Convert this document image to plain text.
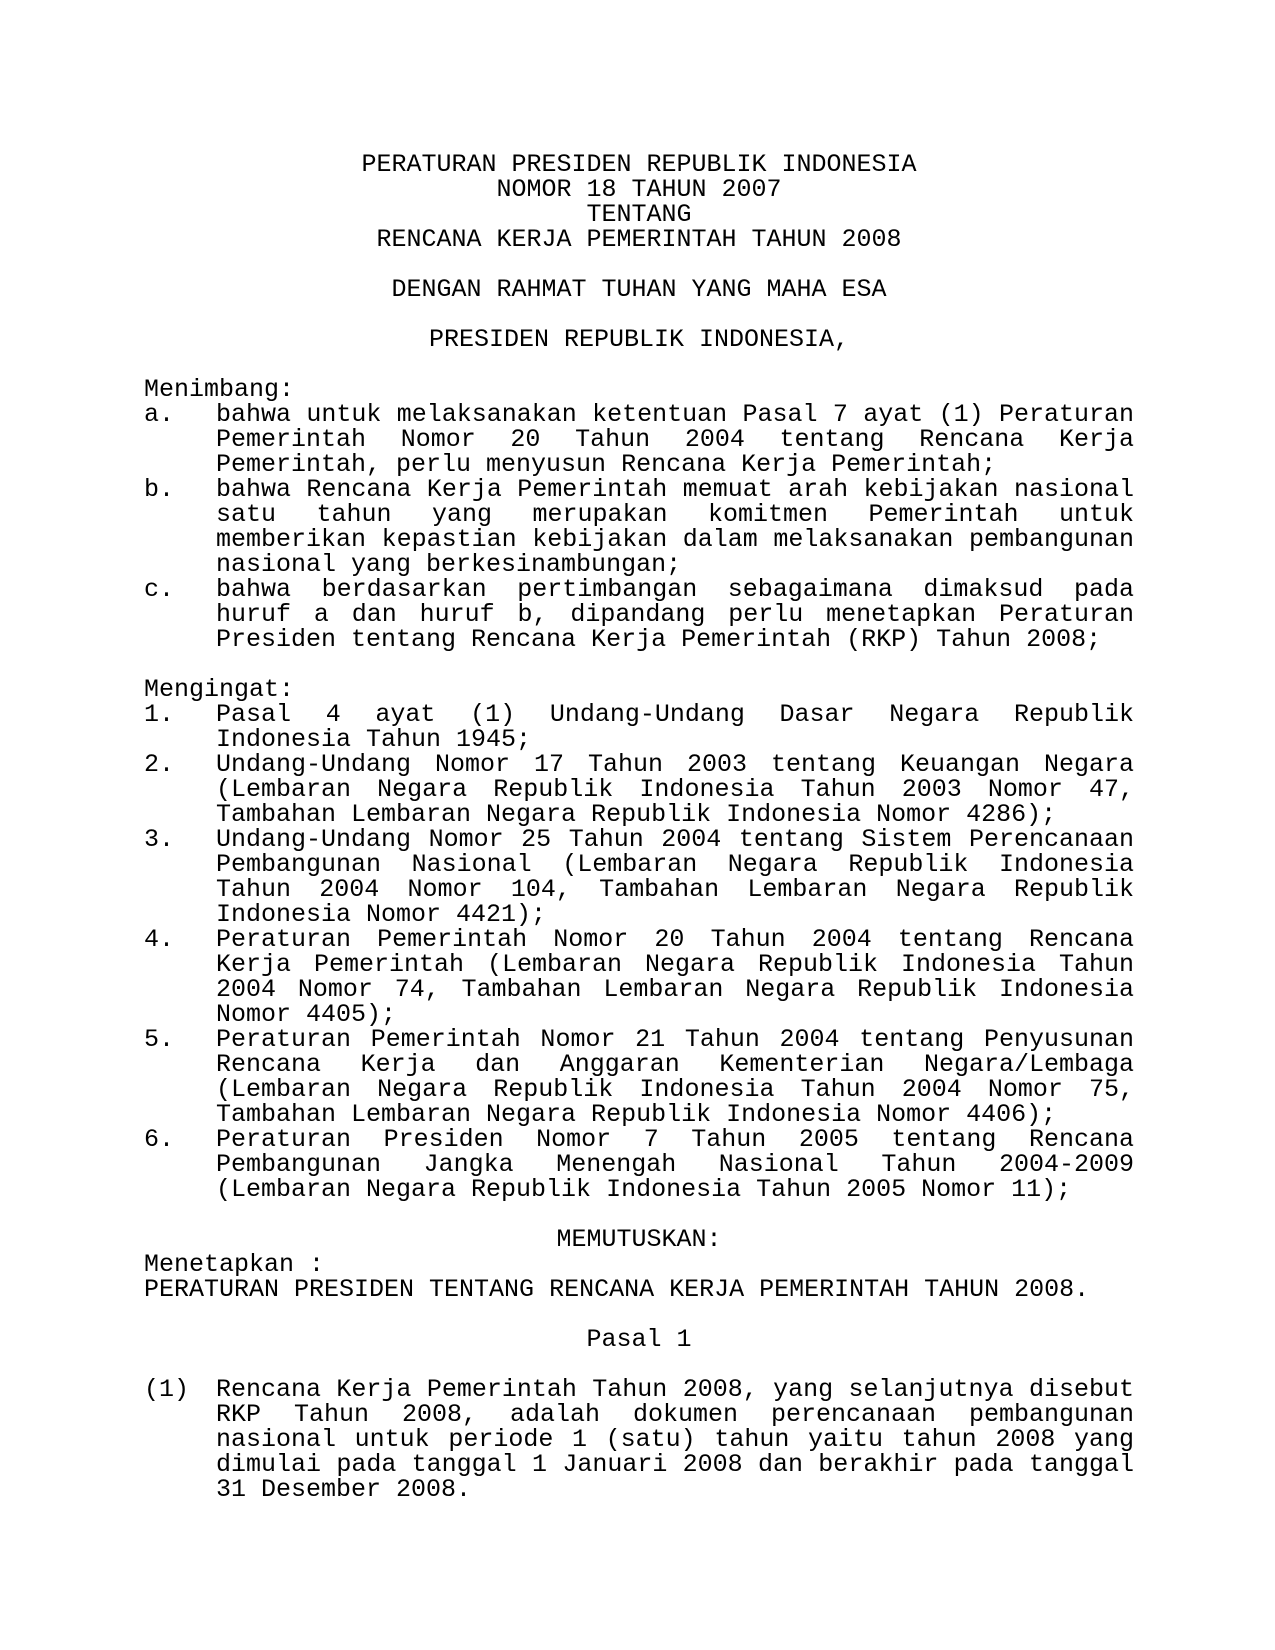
PERATURAN PRESIDEN REPUBLIK INDONESIA
NOMOR 18 TAHUN 2007
TENTANG
RENCANA KERJA PEMERINTAH TAHUN 2008
DENGAN RAHMAT TUHAN YANG MAHA ESA
PRESIDEN REPUBLIK INDONESIA,
Menimbang:
a. bahwa untuk melaksanakan ketentuan Pasal 7 ayat (1) Peraturan Pemerintah Nomor 20 Tahun 2004 tentang Rencana Kerja Pemerintah, perlu menyusun Rencana Kerja Pemerintah;
b. bahwa Rencana Kerja Pemerintah memuat arah kebijakan nasional satu tahun yang merupakan komitmen Pemerintah untuk memberikan kepastian kebijakan dalam melaksanakan pembangunan nasional yang berkesinambungan;
c. bahwa berdasarkan pertimbangan sebagaimana dimaksud pada huruf a dan huruf b, dipandang perlu menetapkan Peraturan Presiden tentang Rencana Kerja Pemerintah (RKP) Tahun 2008;
Mengingat:
1. Pasal 4 ayat (1) Undang-Undang Dasar Negara Republik Indonesia Tahun 1945;
2. Undang-Undang Nomor 17 Tahun 2003 tentang Keuangan Negara (Lembaran Negara Republik Indonesia Tahun 2003 Nomor 47, Tambahan Lembaran Negara Republik Indonesia Nomor 4286);
3. Undang-Undang Nomor 25 Tahun 2004 tentang Sistem Perencanaan Pembangunan Nasional (Lembaran Negara Republik Indonesia Tahun 2004 Nomor 104, Tambahan Lembaran Negara Republik Indonesia Nomor 4421);
4. Peraturan Pemerintah Nomor 20 Tahun 2004 tentang Rencana Kerja Pemerintah (Lembaran Negara Republik Indonesia Tahun 2004 Nomor 74, Tambahan Lembaran Negara Republik Indonesia Nomor 4405);
5. Peraturan Pemerintah Nomor 21 Tahun 2004 tentang Penyusunan Rencana Kerja dan Anggaran Kementerian Negara/Lembaga (Lembaran Negara Republik Indonesia Tahun 2004 Nomor 75, Tambahan Lembaran Negara Republik Indonesia Nomor 4406);
6. Peraturan Presiden Nomor 7 Tahun 2005 tentang Rencana Pembangunan Jangka Menengah Nasional Tahun 2004-2009 (Lembaran Negara Republik Indonesia Tahun 2005 Nomor 11);
MEMUTUSKAN:
Menetapkan :
PERATURAN PRESIDEN TENTANG RENCANA KERJA PEMERINTAH TAHUN 2008.
Pasal 1
(1) Rencana Kerja Pemerintah Tahun 2008, yang selanjutnya disebut RKP Tahun 2008, adalah dokumen perencanaan pembangunan nasional untuk periode 1 (satu) tahun yaitu tahun 2008 yang dimulai pada tanggal 1 Januari 2008 dan berakhir pada tanggal 31 Desember 2008.
